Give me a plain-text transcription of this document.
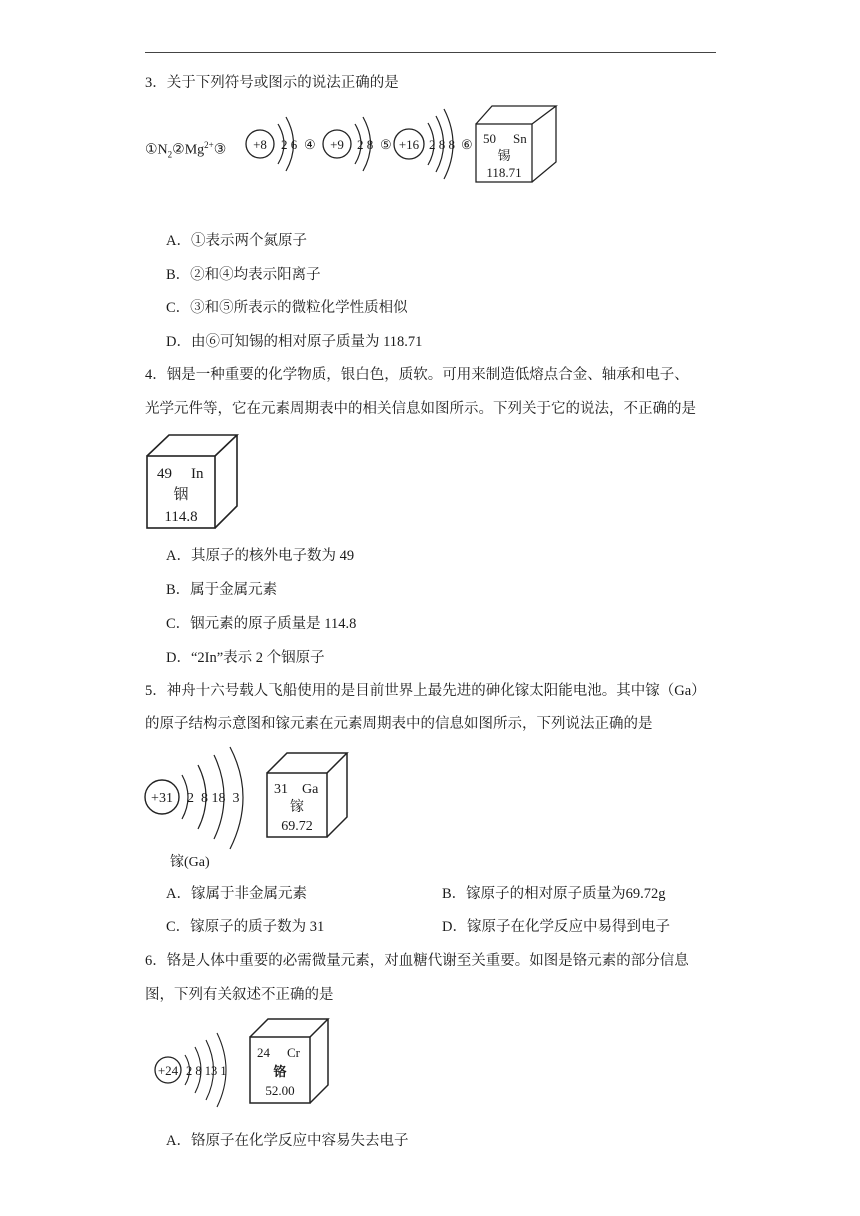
3．关于下列符号或图示的说法正确的是
$①N_2②Mg^{2+}③ +8$ 2 6 ④ +9 2 8 ⑤ +16 2 8 8 ⑥ 50 Sn
锡
118.71
A．①表示两个氮原子
B．②和④均表示阳离子
C．③和⑤所表示的微粒化学性质相似
D．由⑥可知锡的相对原子质量为 118.71
4．铟是一种重要的化学物质，银白色，质软。可用来制造低熔点合金、轴承和电子、
光学元件等，它在元素周期表中的相关信息如图所示。下列关于它的说法，不正确的是
49 In
铟
114.8
A．其原子的核外电子数为 49
B．属于金属元素
C．铟元素的原子质量是 114.8
D．“2In”表示 2 个铟原子
5．神舟十六号载人飞船使用的是目前世界上最先进的砷化镓太阳能电池。其中镓（Ga）
的原子结构示意图和镓元素在元素周期表中的信息如图所示，下列说法正确的是
+31 2  8 18  3
镓(Ga)
31 Ga
镓
69.72
A．镓属于非金属元素	B．镓原子的相对原子质量为69.72g
C．镓原子的质子数为 31	D．镓原子在化学反应中易得到电子
6．铬是人体中重要的必需微量元素，对血糖代谢至关重要。如图是铬元素的部分信息
图，下列有关叙述不正确的是
+24 2 8 13 1
24 Cr
铬
52.00
A．铬原子在化学反应中容易失去电子
